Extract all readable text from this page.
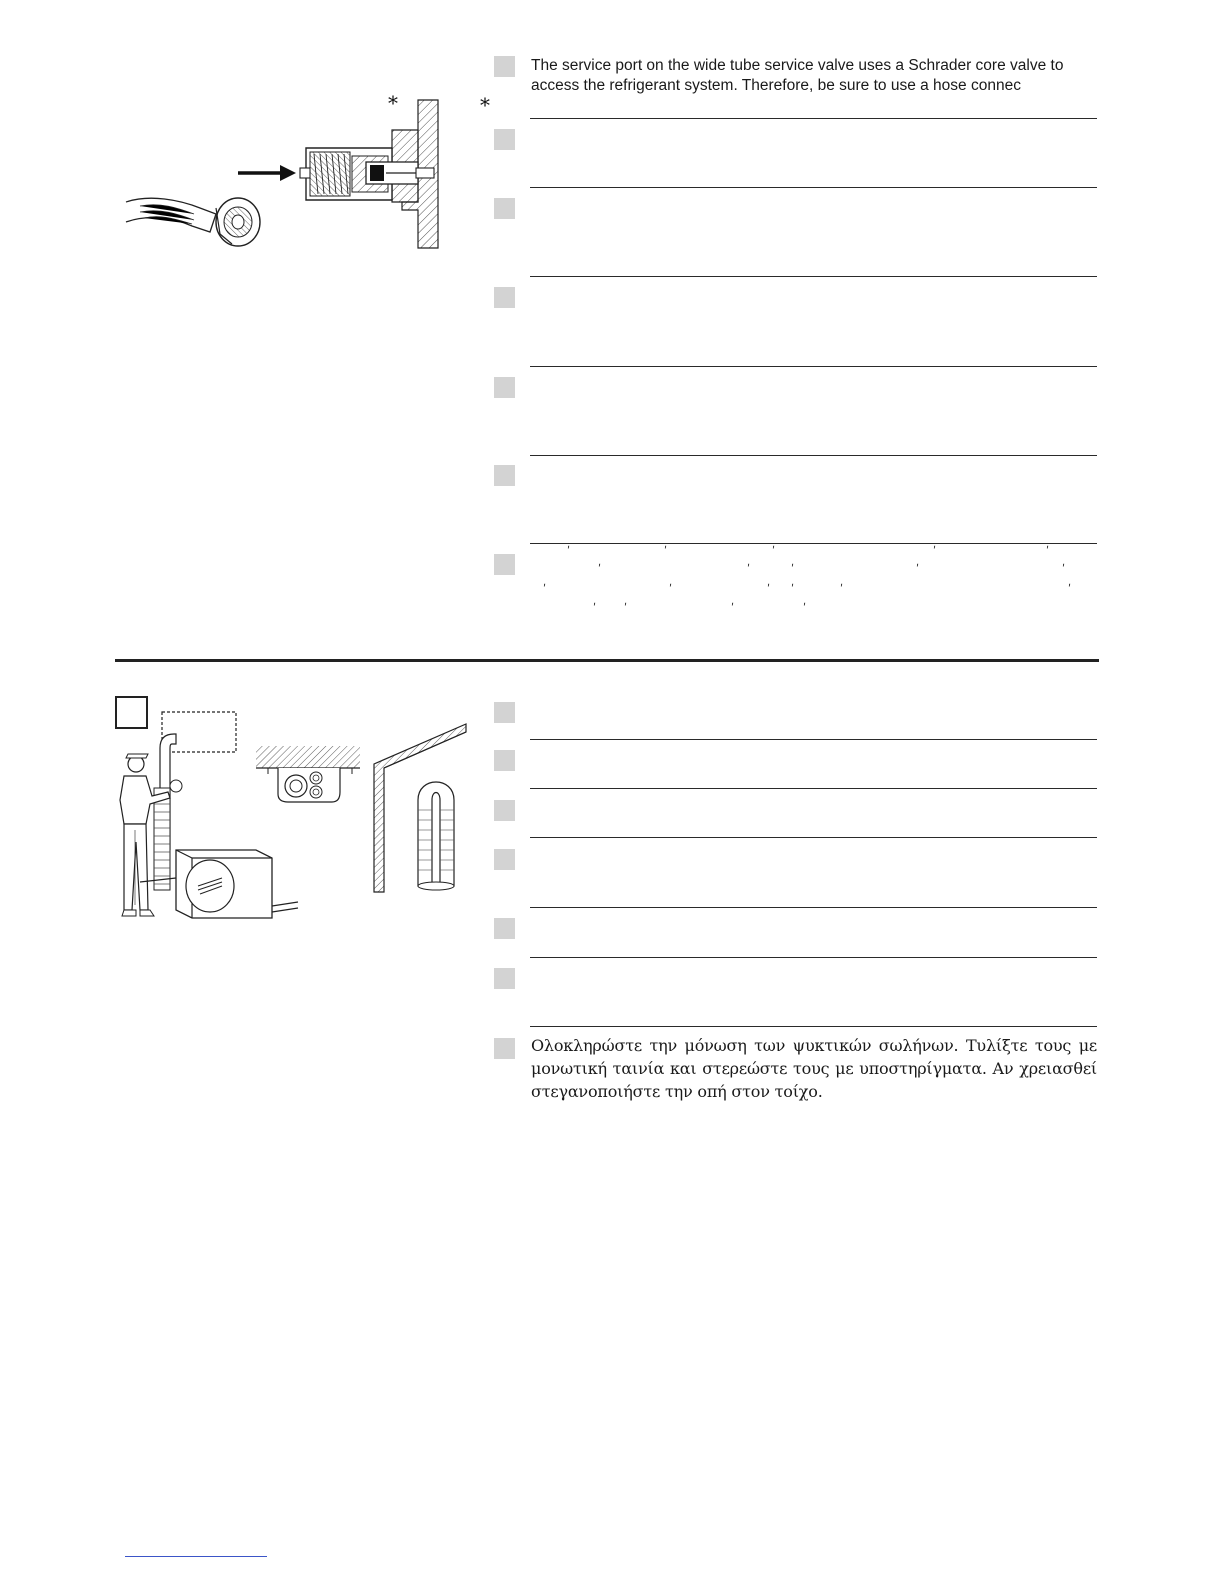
*	*
The service port on the wide tube service valve uses a Schrader core valve to access the refrigerant system. Therefore, be sure to use a hose connec
ʹ	ʹ	ʹ	ʹ	ʹ
ʹ	ʹ	ʹ	ʹ	ʹ
ʹ	ʹ	ʹ ʹ	ʹ	ʹ
ʹ	ʹ	ʹ	ʹ
Ολοκληρώστε την μόνωση των ψυκτικών σωλήνων. Τυλίξτε τους με μονωτική ταινία και στερεώστε τους με υποστηρίγματα. Αν χρειασθεί στεγανοποιήστε την οπή στον τοίχο.
